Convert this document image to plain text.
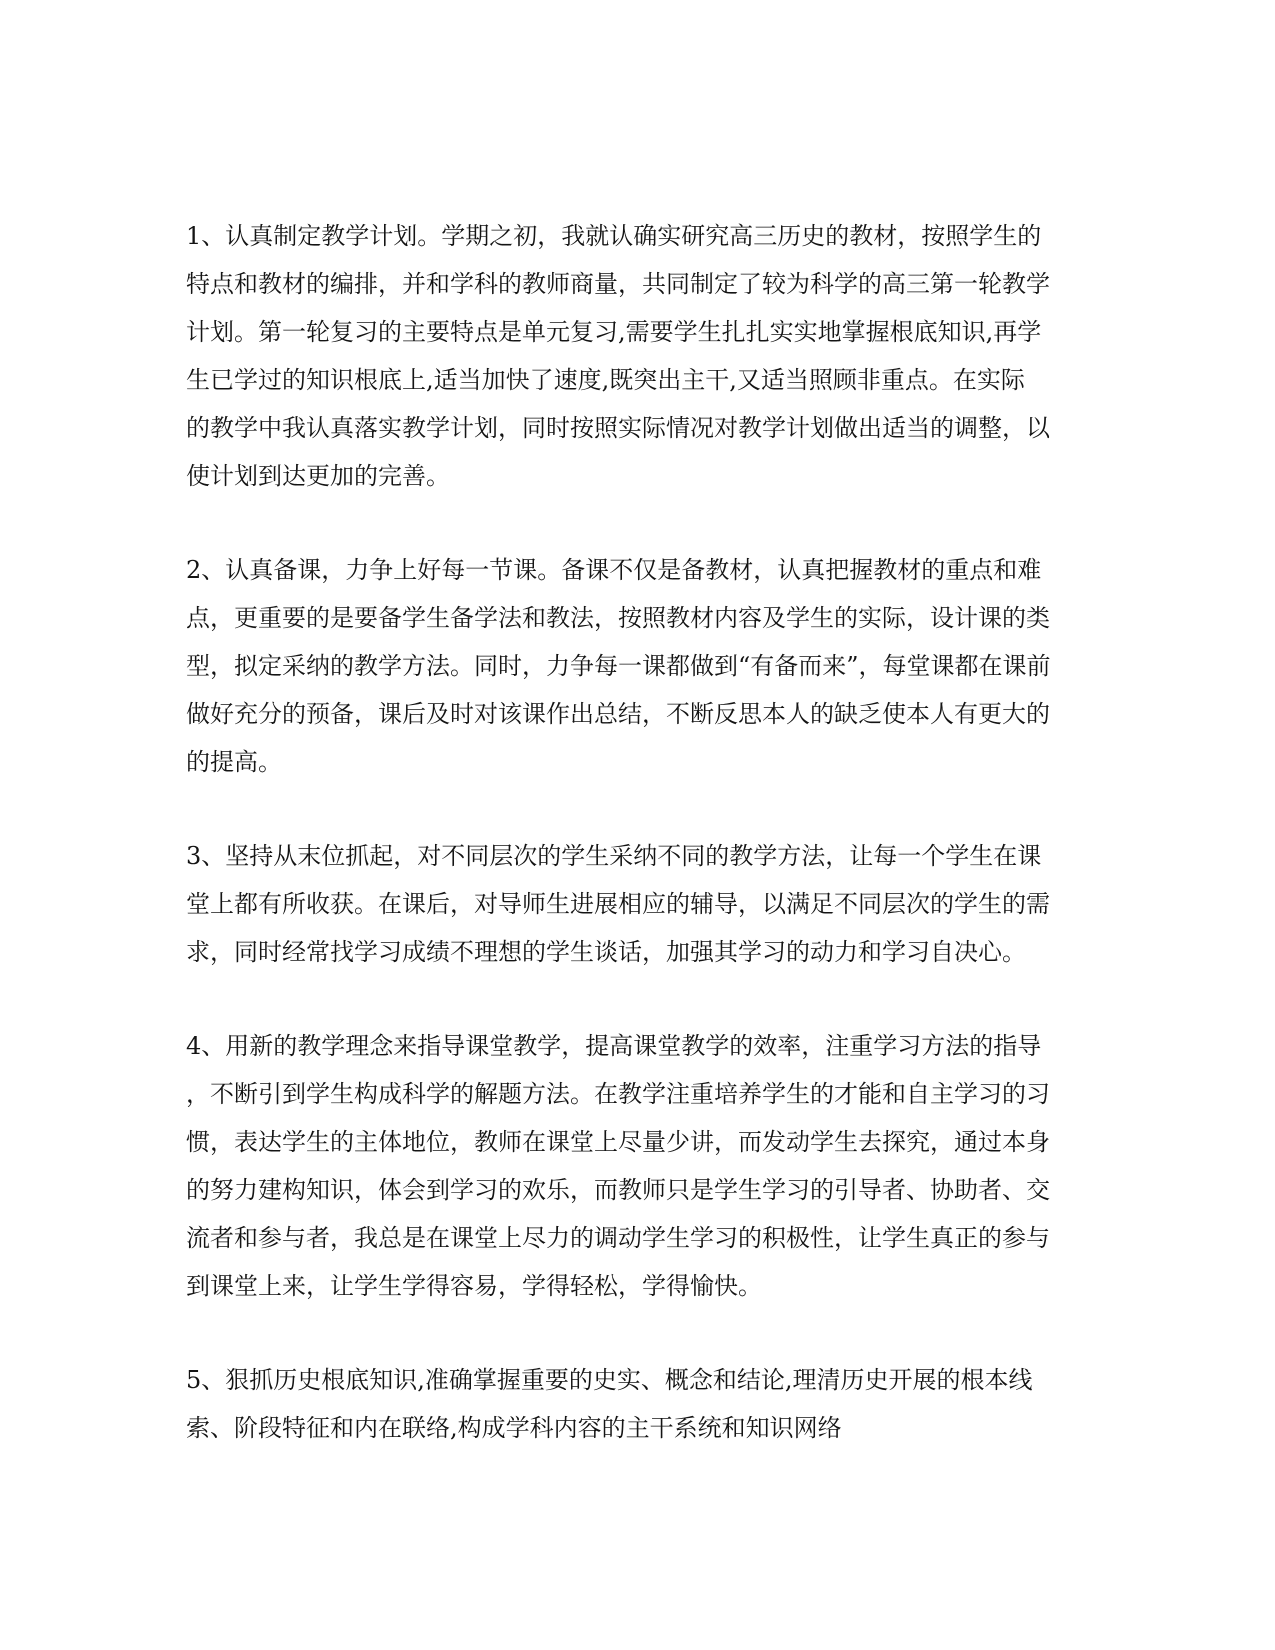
1、认真制定教学计划。学期之初，我就认确实研究高三历史的教材，按照学生的
特点和教材的编排，并和学科的教师商量，共同制定了较为科学的高三第一轮教学
计划。第一轮复习的主要特点是单元复习,需要学生扎扎实实地掌握根底知识,再学
生已学过的知识根底上,适当加快了速度,既突出主干,又适当照顾非重点。在实际
的教学中我认真落实教学计划，同时按照实际情况对教学计划做出适当的调整，以
使计划到达更加的完善。

2、认真备课，力争上好每一节课。备课不仅是备教材，认真把握教材的重点和难
点，更重要的是要备学生备学法和教法，按照教材内容及学生的实际，设计课的类
型，拟定采纳的教学方法。同时，力争每一课都做到“有备而来”，每堂课都在课前
做好充分的预备，课后及时对该课作出总结，不断反思本人的缺乏使本人有更大的
的提高。

3、坚持从末位抓起，对不同层次的学生采纳不同的教学方法，让每一个学生在课
堂上都有所收获。在课后，对导师生进展相应的辅导，以满足不同层次的学生的需
求，同时经常找学习成绩不理想的学生谈话，加强其学习的动力和学习自决心。

4、用新的教学理念来指导课堂教学，提高课堂教学的效率，注重学习方法的指导
，不断引到学生构成科学的解题方法。在教学注重培养学生的才能和自主学习的习
惯，表达学生的主体地位，教师在课堂上尽量少讲，而发动学生去探究，通过本身
的努力建构知识，体会到学习的欢乐，而教师只是学生学习的引导者、协助者、交
流者和参与者，我总是在课堂上尽力的调动学生学习的积极性，让学生真正的参与
到课堂上来，让学生学得容易，学得轻松，学得愉快。

5、狠抓历史根底知识,准确掌握重要的史实、概念和结论,理清历史开展的根本线
索、阶段特征和内在联络,构成学科内容的主干系统和知识网络
